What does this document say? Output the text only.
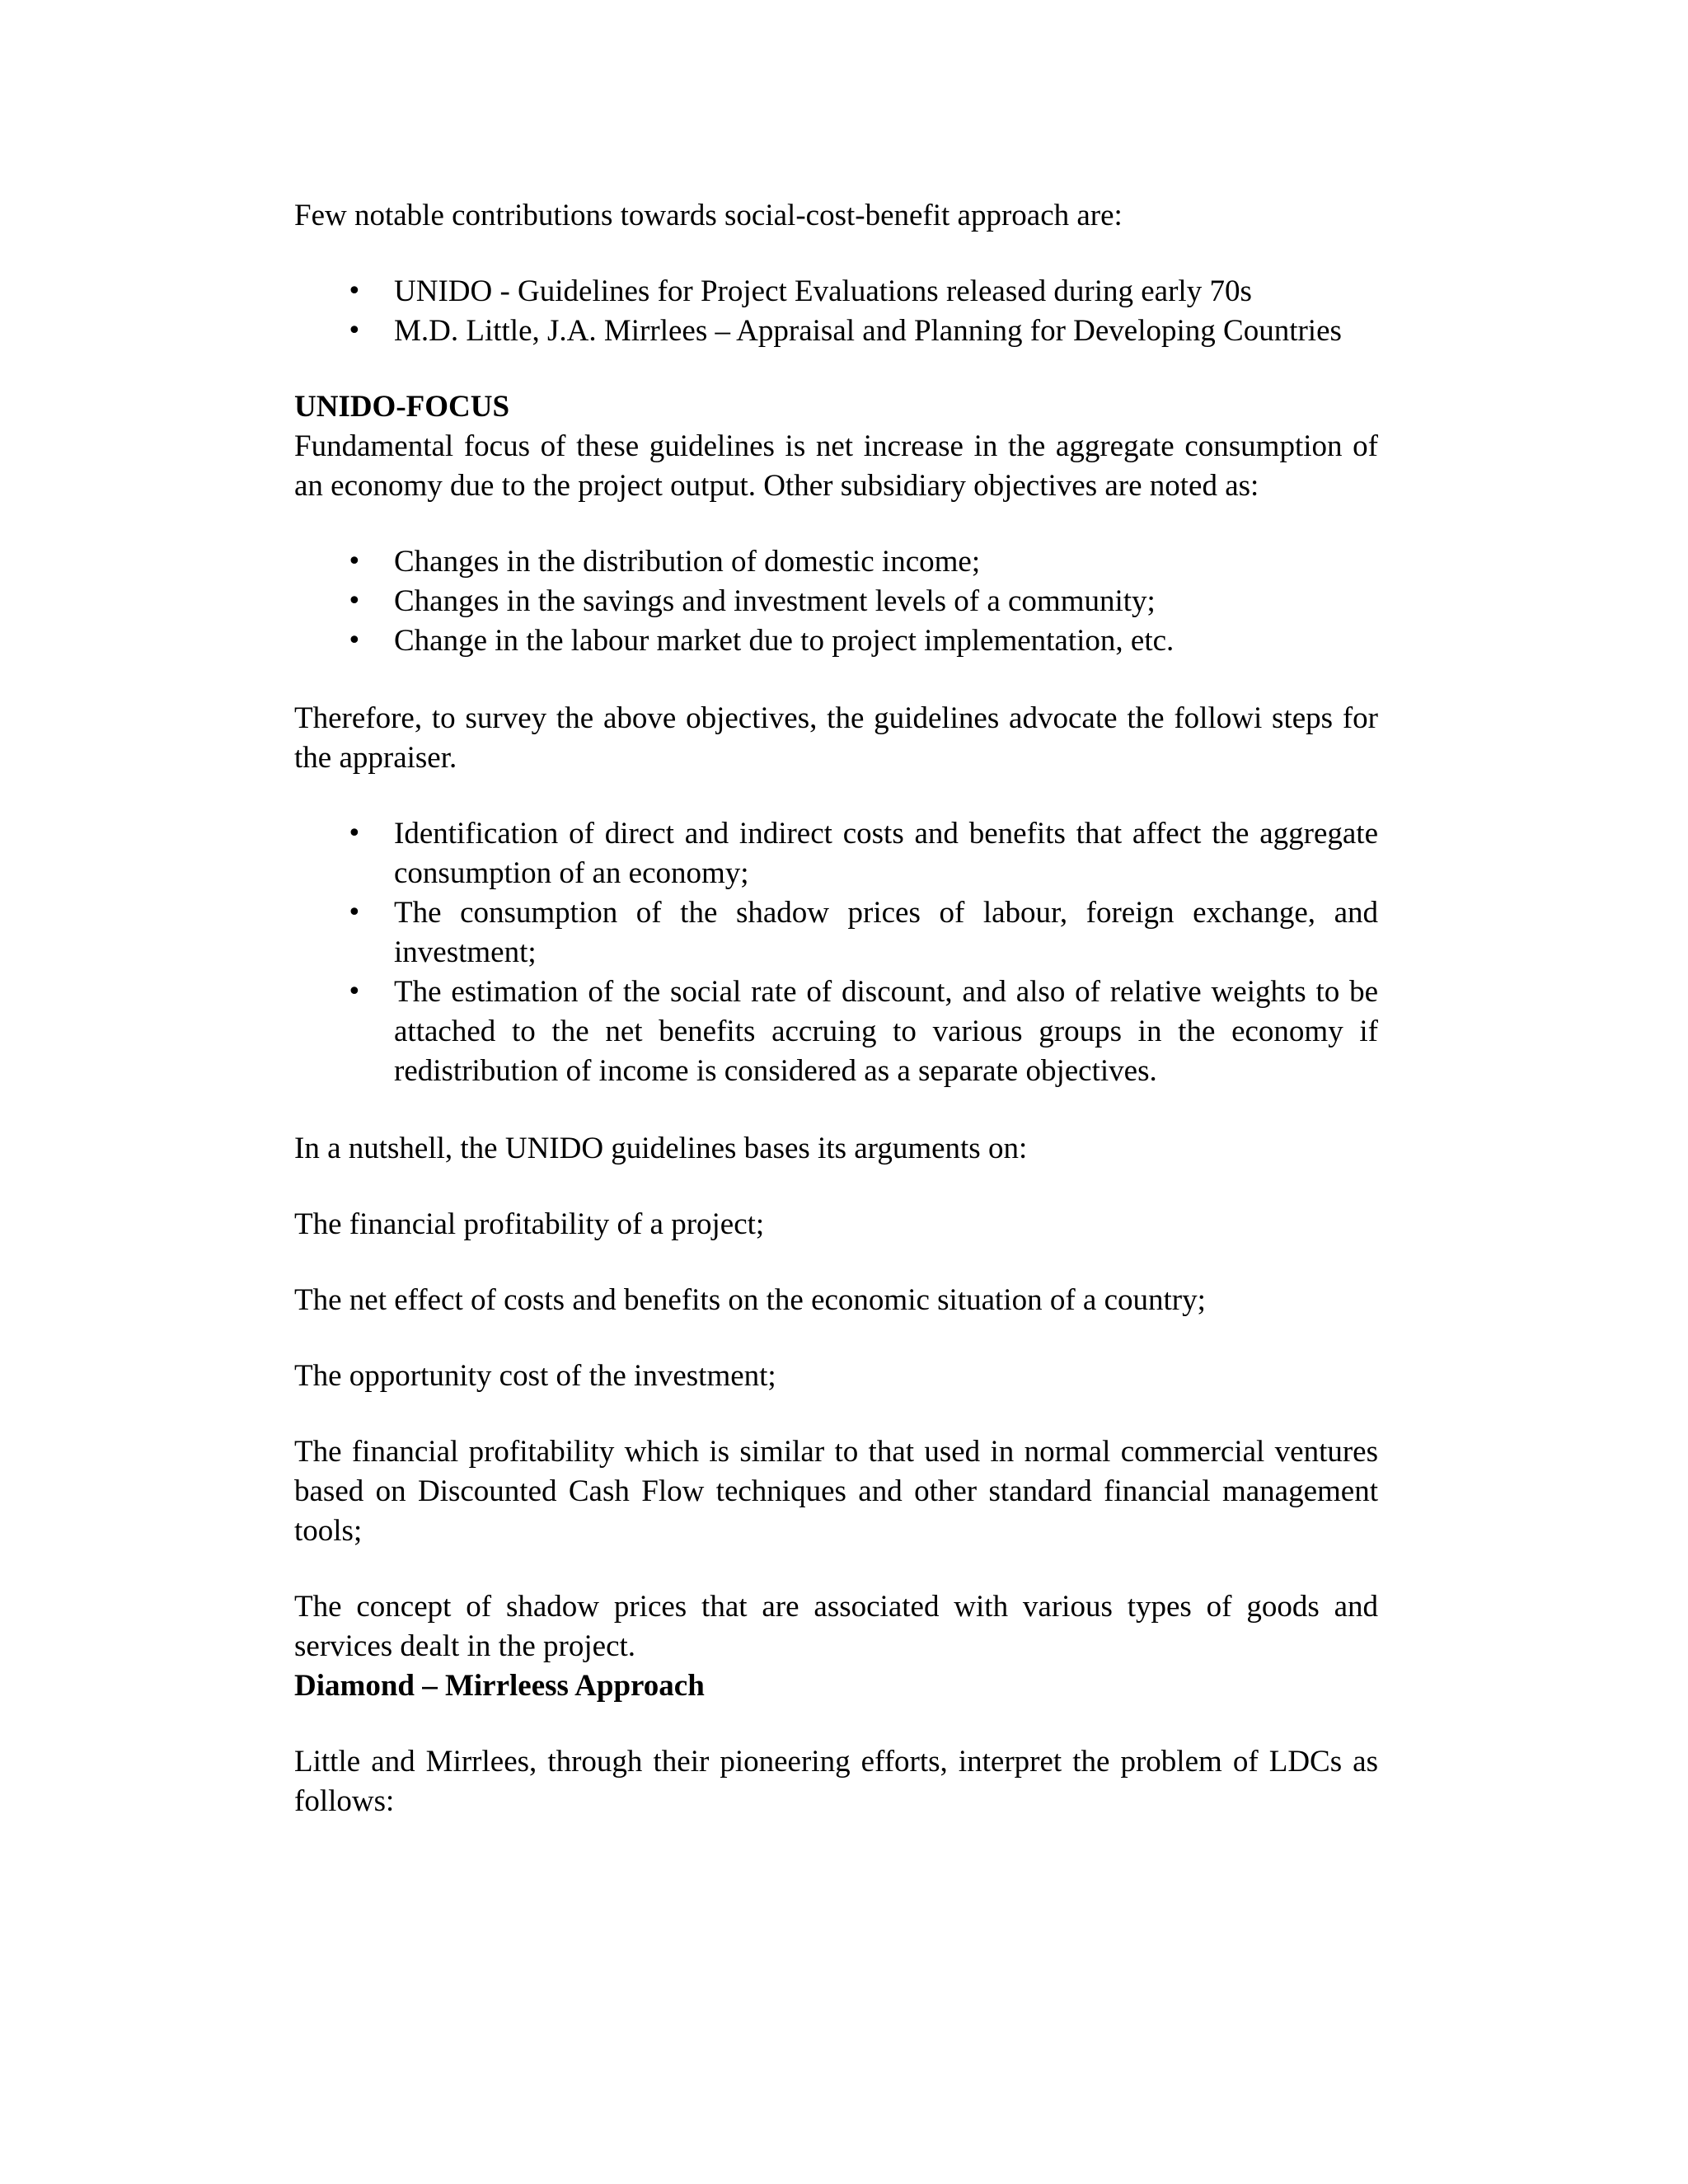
Few notable contributions towards social-cost-benefit approach are:

• UNIDO - Guidelines for Project Evaluations released during early 70s
• M.D. Little, J.A. Mirrlees – Appraisal and Planning for Developing Countries

UNIDO-FOCUS

Fundamental focus of these guidelines is net increase in the aggregate consumption of an economy due to the project output. Other subsidiary objectives are noted as:

• Changes in the distribution of domestic income;
• Changes in the savings and investment levels of a community;
• Change in the labour market due to project implementation, etc.

Therefore, to survey the above objectives, the guidelines advocate the followi steps for the appraiser.

• Identification of direct and indirect costs and benefits that affect the aggregate consumption of an economy;
• The consumption of the shadow prices of labour, foreign exchange, and investment;
• The estimation of the social rate of discount, and also of relative weights to be attached to the net benefits accruing to various groups in the economy if redistribution of income is considered as a separate objectives.

In a nutshell, the UNIDO guidelines bases its arguments on:

The financial profitability of a project;

The net effect of costs and benefits on the economic situation of a country;

The opportunity cost of the investment;

The financial profitability which is similar to that used in normal commercial ventures based on Discounted Cash Flow techniques and other standard financial management tools;

The concept of shadow prices that are associated with various types of goods and services dealt in the project.

Diamond – Mirrleess Approach

Little and Mirrlees, through their pioneering efforts, interpret the problem of LDCs as follows:
